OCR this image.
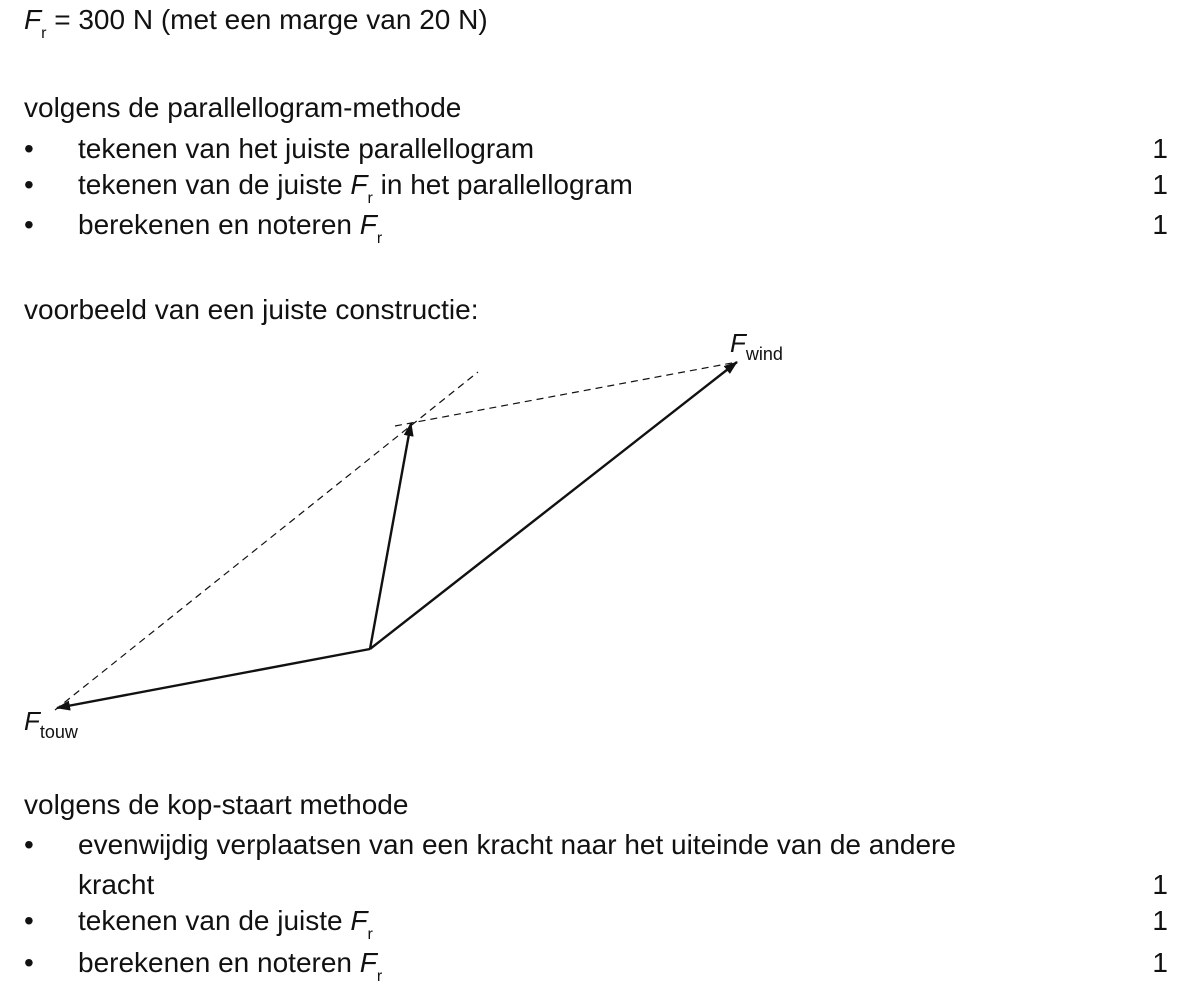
$F_r = 300$ N (met een marge van 20 N)
volgens de parallellogram-methode
• tekenen van het juiste parallellogram	1
• tekenen van de juiste $F_r$ in het parallellogram	1
• berekenen en noteren $F_r$	1
voorbeeld van een juiste constructie:
$F_{wind}$
$F_{touw}$
volgens de kop-staart methode
• evenwijdig verplaatsen van een kracht naar het uiteinde van de andere
kracht	1
• tekenen van de juiste $F_r$	1
• berekenen en noteren $F_r$	1
